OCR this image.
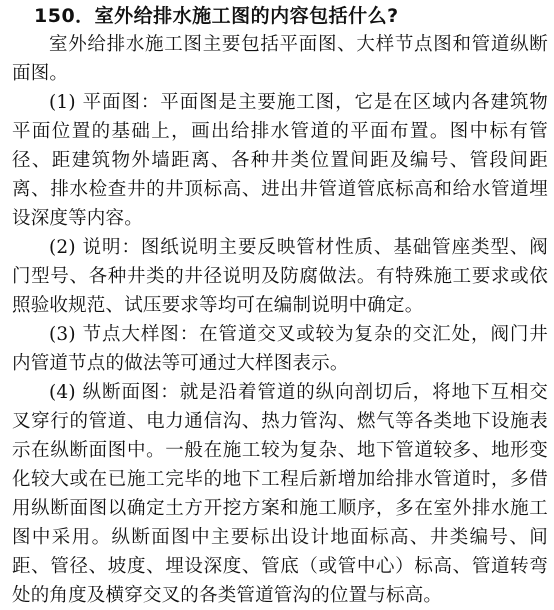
150．室外给排水施工图的内容包括什么?

室外给排水施工图主要包括平面图、大样节点图和管道纵断面图。

(1) 平面图：平面图是主要施工图，它是在区域内各建筑物平面位置的基础上，画出给排水管道的平面布置。图中标有管径、距建筑物外墙距离、各种井类位置间距及编号、管段间距离、排水检查井的井顶标高、进出井管道管底标高和给水管道埋设深度等内容。

(2) 说明：图纸说明主要反映管材性质、基础管座类型、阀门型号、各种井类的井径说明及防腐做法。有特殊施工要求或依照验收规范、试压要求等均可在编制说明中确定。

(3) 节点大样图：在管道交叉或较为复杂的交汇处，阀门井内管道节点的做法等可通过大样图表示。

(4) 纵断面图：就是沿着管道的纵向剖切后，将地下互相交叉穿行的管道、电力通信沟、热力管沟、燃气等各类地下设施表示在纵断面图中。一般在施工较为复杂、地下管道较多、地形变化较大或在已施工完毕的地下工程后新增加给排水管道时，多借用纵断面图以确定土方开挖方案和施工顺序，多在室外排水施工图中采用。纵断面图中主要标出设计地面标高、井类编号、间距、管径、坡度、埋设深度、管底（或管中心）标高、管道转弯处的角度及横穿交叉的各类管道管沟的位置与标高。
